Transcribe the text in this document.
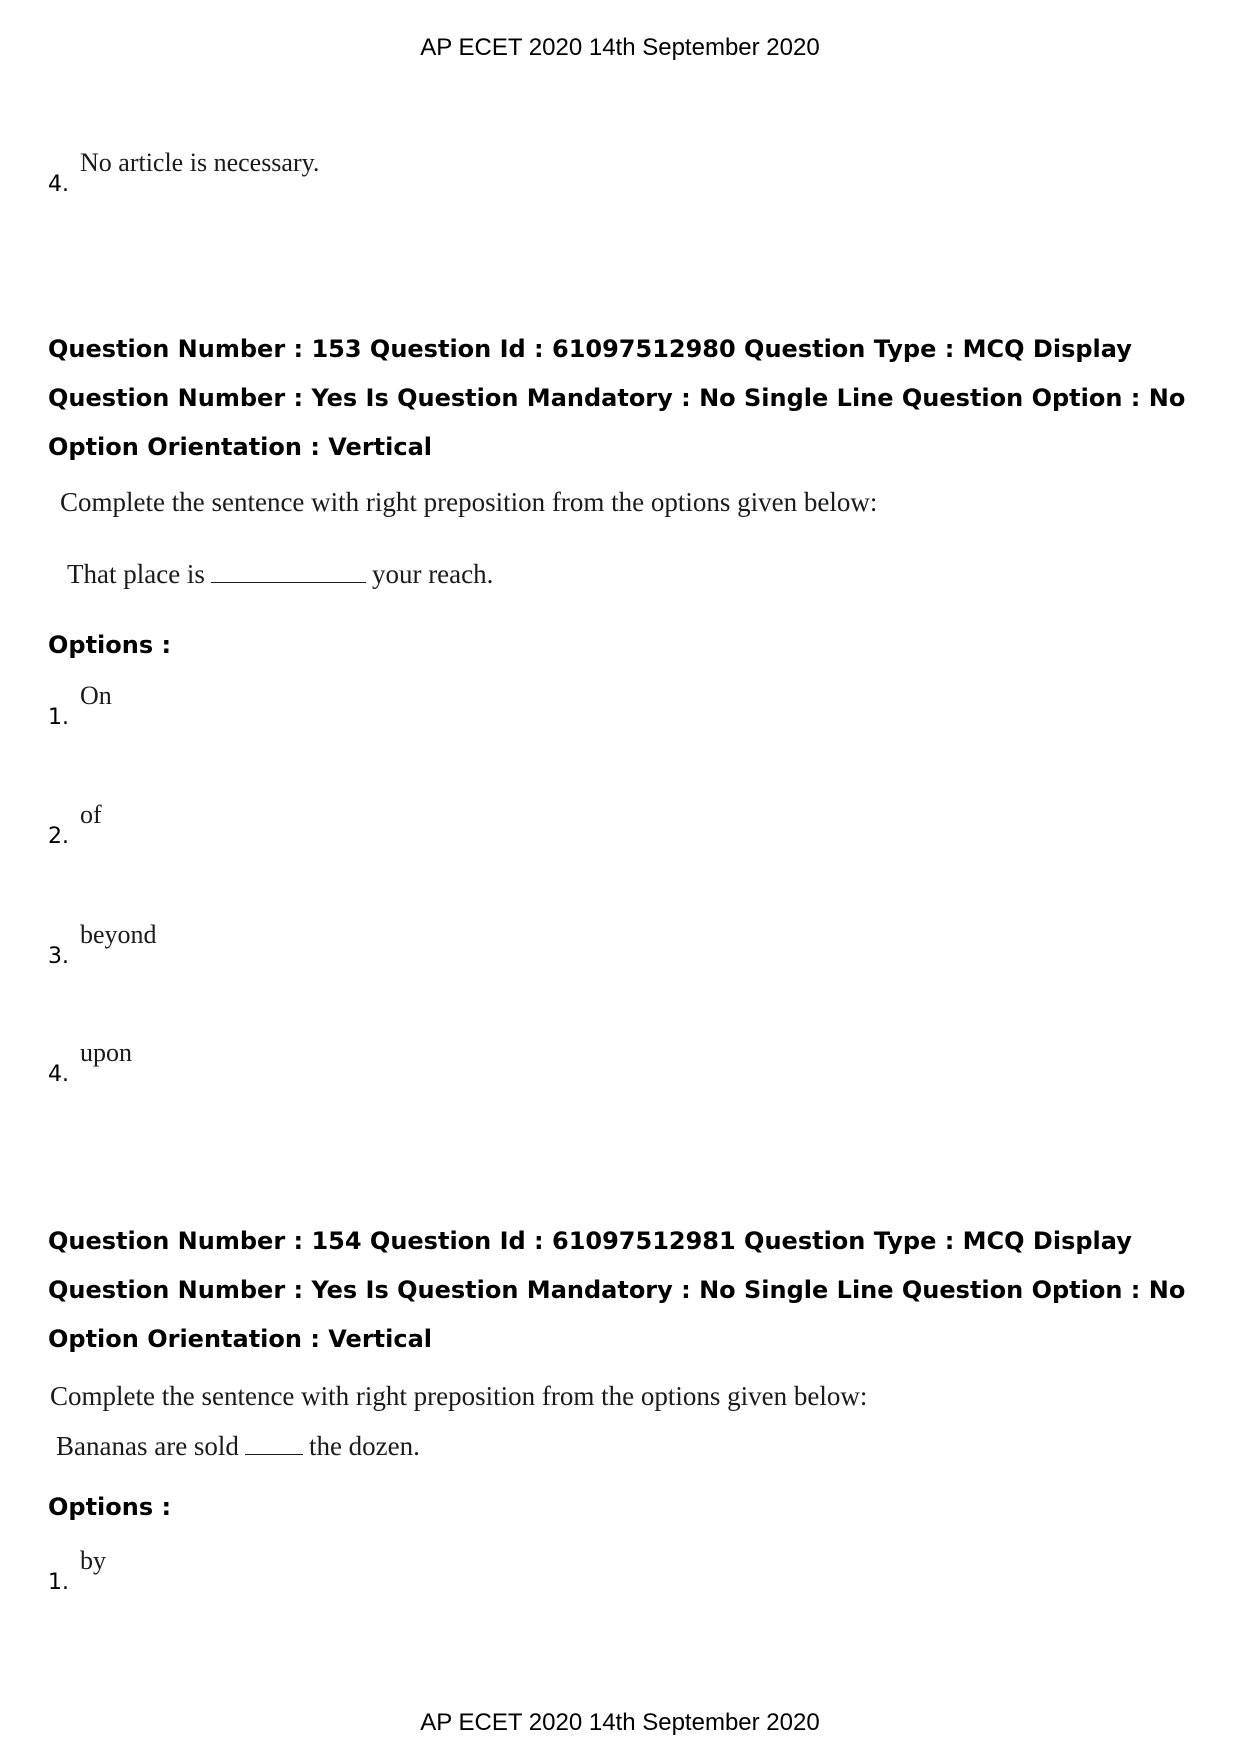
AP ECET 2020 14th September 2020
4.
No article is necessary.
Question Number : 153 Question Id : 61097512980 Question Type : MCQ Display Question Number : Yes Is Question Mandatory : No Single Line Question Option : No Option Orientation : Vertical
Complete the sentence with right preposition from the options given below:
That place is	your reach.
Options :
1.
On
2.
of
3.
beyond
4.
upon
Question Number : 154 Question Id : 61097512981 Question Type : MCQ Display Question Number : Yes Is Question Mandatory : No Single Line Question Option : No Option Orientation : Vertical
Complete the sentence with right preposition from the options given below:
Bananas are sold	the dozen.
Options :
1.
by
AP ECET 2020 14th September 2020
